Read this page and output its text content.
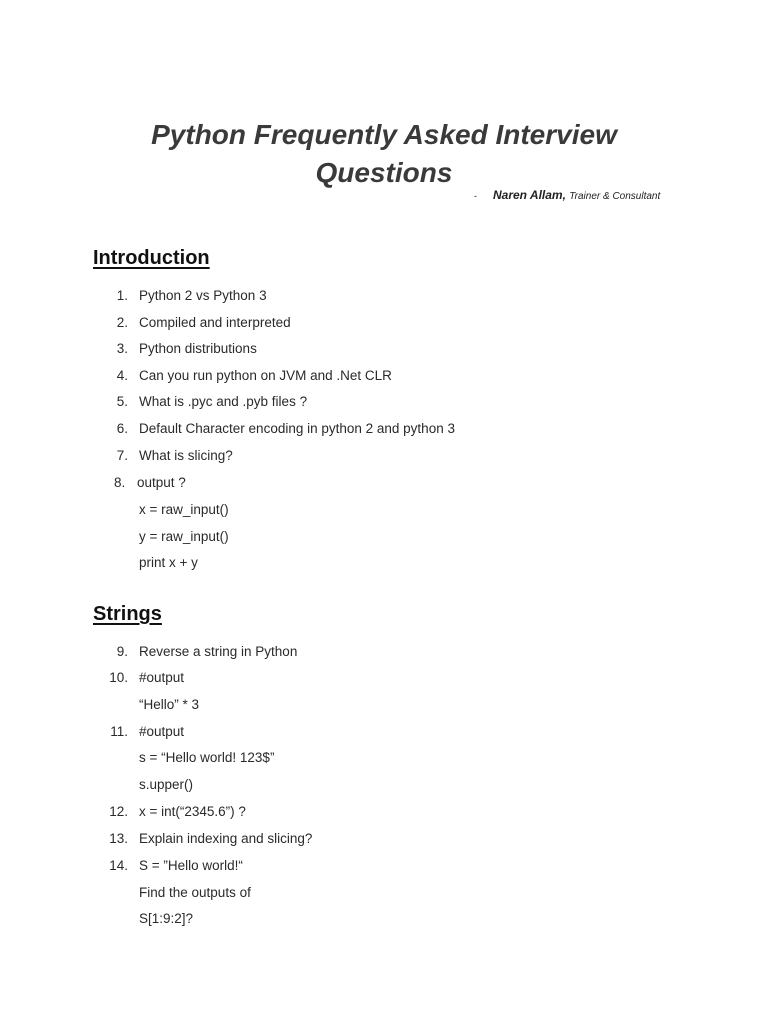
Python Frequently Asked Interview
Questions
- Naren Allam, Trainer & Consultant
Introduction
1. Python 2 vs Python 3
2. Compiled and interpreted
3. Python distributions
4. Can you run python on JVM and .Net CLR
5. What is .pyc and .pyb files ?
6. Default Character encoding in python 2 and python 3
7. What is slicing?
8. output ?
x = raw_input()
y = raw_input()
print x + y
Strings
9. Reverse a string in Python
10. #output
“Hello” * 3
11. #output
s = “Hello world! 123$”
s.upper()
12. x = int(“2345.6”) ?
13. Explain indexing and slicing?
14. S = ”Hello world!“
Find the outputs of
S[1:9:2]?
